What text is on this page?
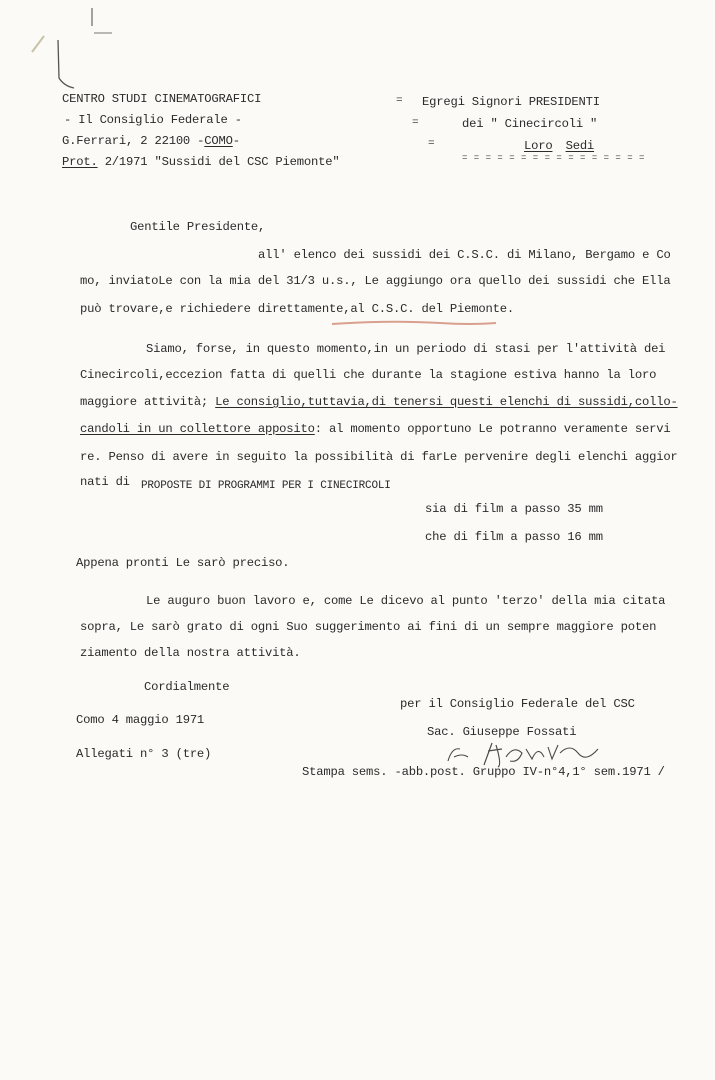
CENTRO STUDI CINEMATOGRAFICI
- Il Consiglio Federale -
G.Ferrari, 2 22100 -COMO-
Prot. 2/1971 "Sussidi del CSC Piemonte"
=
=
=
Egregi Signori PRESIDENTI
dei " Cinecircoli "
Loro Sedi
= = = = = = = = = = = = = = = =
Gentile Presidente,
all' elenco dei sussidi dei C.S.C. di Milano, Bergamo e Co
mo, inviatoLe con la mia del 31/3 u.s., Le aggiungo ora quello dei sussidi che Ella
può trovare,e richiedere direttamente,al C.S.C. del Piemonte.
Siamo, forse, in questo momento,in un periodo di stasi per l'attività dei
Cinecircoli,eccezion fatta di quelli che durante la stagione estiva hanno la loro
maggiore attività; Le consiglio,tuttavia,di tenersi questi elenchi di sussidi,collo-
candoli in un collettore apposito: al momento opportuno Le potranno veramente servi
re. Penso di avere in seguito la possibilità di farLe pervenire degli elenchi aggior
nati di PROPOSTE DI PROGRAMMI PER I CINECIRCOLI
sia di film a passo 35 mm
che di film a passo 16 mm
Appena pronti Le sarò preciso.
Le auguro buon lavoro e, come Le dicevo al punto 'terzo' della mia citata
sopra, Le sarò grato di ogni Suo suggerimento ai fini di un sempre maggiore poten
ziamento della nostra attività.
Cordialmente
per il Consiglio Federale del CSC
Como 4 maggio 1971
Sac. Giuseppe Fossati
Allegati n° 3 (tre)
Stampa sems. -abb.post. Gruppo IV-n°4,1° sem.1971 /
